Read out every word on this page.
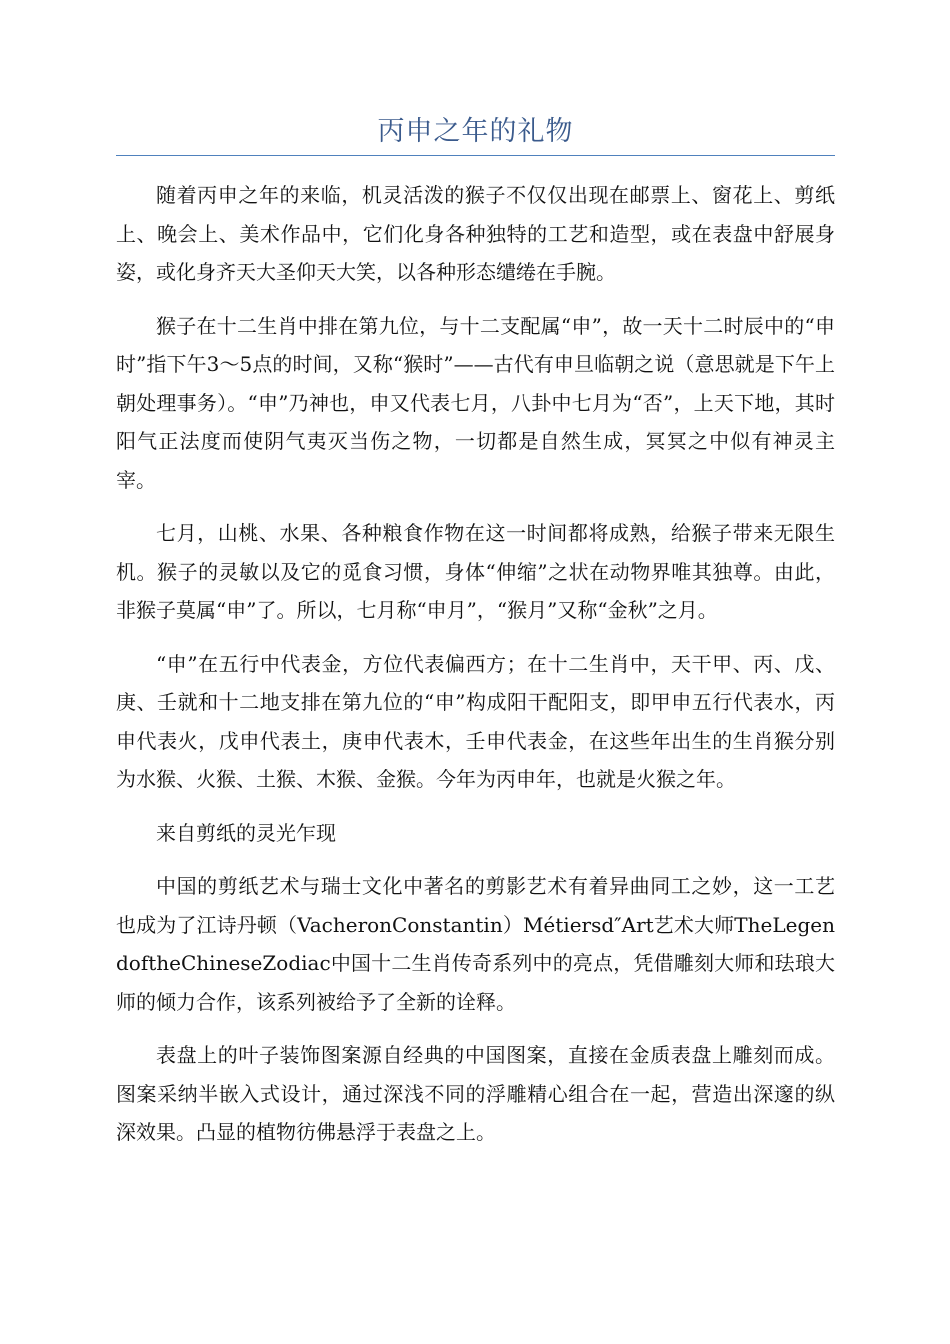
丙申之年的礼物

随着丙申之年的来临，机灵活泼的猴子不仅仅出现在邮票上、窗花上、剪纸上、晚会上、美术作品中，它们化身各种独特的工艺和造型，或在表盘中舒展身姿，或化身齐天大圣仰天大笑，以各种形态缱绻在手腕。

猴子在十二生肖中排在第九位，与十二支配属“申”，故一天十二时辰中的“申时”指下午3～5点的时间，又称“猴时”——古代有申旦临朝之说（意思就是下午上朝处理事务）。“申”乃神也，申又代表七月，八卦中七月为“否”，上天下地，其时阳气正法度而使阴气夷灭当伤之物，一切都是自然生成，冥冥之中似有神灵主宰。

七月，山桃、水果、各种粮食作物在这一时间都将成熟，给猴子带来无限生机。猴子的灵敏以及它的觅食习惯，身体“伸缩”之状在动物界唯其独尊。由此，非猴子莫属“申”了。所以，七月称“申月”，“猴月”又称“金秋”之月。

“申”在五行中代表金，方位代表偏西方；在十二生肖中，天干甲、丙、戊、庚、壬就和十二地支排在第九位的“申”构成阳干配阳支，即甲申五行代表水，丙申代表火，戊申代表土，庚申代表木，壬申代表金，在这些年出生的生肖猴分别为水猴、火猴、土猴、木猴、金猴。今年为丙申年，也就是火猴之年。

来自剪纸的灵光乍现

中国的剪纸艺术与瑞士文化中著名的剪影艺术有着异曲同工之妙，这一工艺也成为了江诗丹顿（VacheronConstantin）Métiersd″Art艺术大师TheLegendoftheChineseZodiac中国十二生肖传奇系列中的亮点，凭借雕刻大师和珐琅大师的倾力合作，该系列被给予了全新的诠释。

表盘上的叶子装饰图案源自经典的中国图案，直接在金质表盘上雕刻而成。图案采纳半嵌入式设计，通过深浅不同的浮雕精心组合在一起，营造出深邃的纵深效果。凸显的植物彷佛悬浮于表盘之上。
